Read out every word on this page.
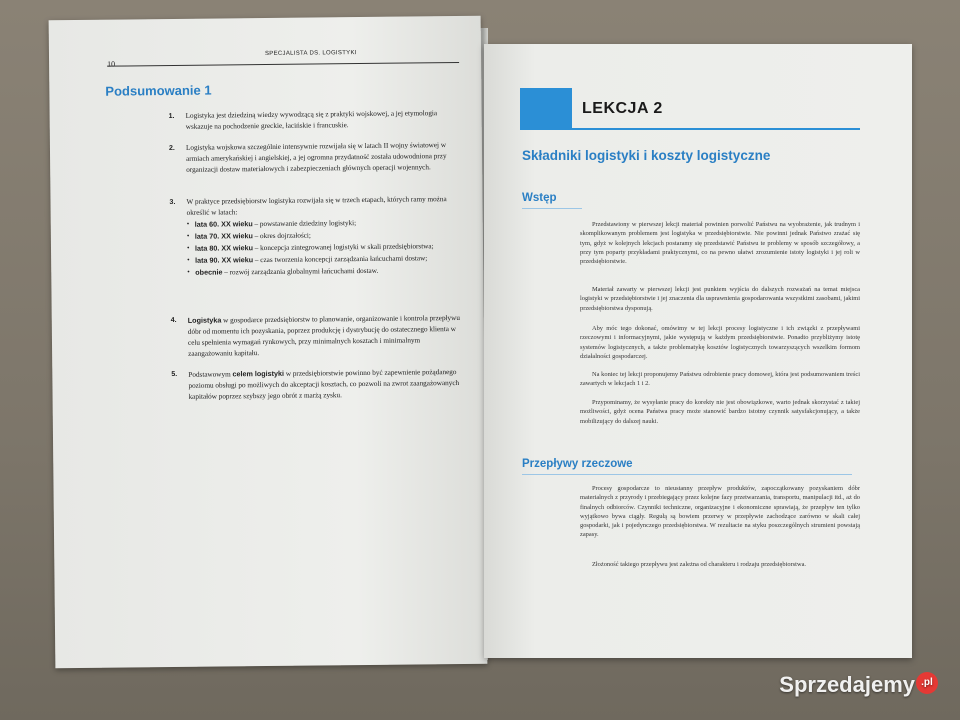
10
SPECJALISTA DS. LOGISTYKI
Podsumowanie 1
1. Logistyka jest dziedziną wiedzy wywodzącą się z praktyki wojskowej, a jej etymologia wskazuje na pochodzenie greckie, łacińskie i francuskie.
2. Logistyka wojskowa szczególnie intensywnie rozwijała się w latach II wojny światowej w armiach amerykańskiej i angielskiej, a jej ogromna przydatność została udowodniona przy organizacji dostaw materiałowych i zabezpieczeniach głównych operacji wojennych.
3. W praktyce przedsiębiorstw logistyka rozwijała się w trzech etapach, których ramy można określić w latach:
• lata 60. XX wieku – powstawanie dziedziny logistyki;
• lata 70. XX wieku – okres dojrzałości;
• lata 80. XX wieku – koncepcja zintegrowanej logistyki w skali przedsiębiorstwa;
• lata 90. XX wieku – czas tworzenia koncepcji zarządzania łańcuchami dostaw;
• obecnie – rozwój zarządzania globalnymi łańcuchami dostaw.
4. Logistyka w gospodarce przedsiębiorstw to planowanie, organizowanie i kontrola przepływu dóbr od momentu ich pozyskania, poprzez produkcję i dystrybucję do ostatecznego klienta w celu spełnienia wymagań rynkowych, przy minimalnych kosztach i minimalnym zaangażowaniu kapitału.
5. Podstawowym celem logistyki w przedsiębiorstwie powinno być zapewnienie pożądanego poziomu obsługi po możliwych do akceptacji kosztach, co pozwoli na zwrot zaangażowanych kapitałów poprzez szybszy jego obrót z marżą zysku.
LEKCJA 2
Składniki logistyki i koszty logistyczne
Wstęp
Przedstawiony w pierwszej lekcji materiał powinien porwolić Państwu na wyobrażenie, jak trudnym i skomplikowanym problemem jest logistyka w przedsiębiorstwie. Nie powinni jednak Państwo zrażać się tym, gdyż w kolejnych lekcjach postaramy się przedstawić Państwu te problemy w sposób szczegółowy, a przy tym poparty przykładami praktycznymi, co na pewno ułatwi zrozumienie istoty logistyki i jej roli w przedsiębiorstwie.
Materiał zawarty w pierwszej lekcji jest punktem wyjścia do dalszych rozważań na temat miejsca logistyki w przedsiębiorstwie i jej znaczenia dla usprawnienia gospodarowania wszystkimi zasobami, jakimi przedsiębiorstwa dysponują.
Aby móc tego dokonać, omówimy w tej lekcji procesy logistyczne i ich związki z przepływami rzeczowymi i informacyjnymi, jakie występują w każdym przedsiębiorstwie. Ponadto przybliżymy istotę systemów logistycznych, a także problematykę kosztów logistycznych towarzyszących wszelkim formom działalności gospodarczej.
Na koniec tej lekcji proponujemy Państwu odrobienie pracy domowej, która jest podsumowaniem treści zawartych w lekcjach 1 i 2.
Przypominamy, że wysyłanie pracy do korekty nie jest obowiązkowe, warto jednak skorzystać z takiej możliwości, gdyż ocena Państwa pracy może stanowić bardzo istotny czynnik satysfakcjonujący, a także mobilizujący do dalszej nauki.
Przepływy rzeczowe
Procesy gospodarcze to nieustanny przepływ produktów, zapoczątkowany pozyskaniem dóbr materialnych z przyrody i przebiegający przez kolejne fazy przetwarzania, transportu, manipulacji itd., aż do finalnych odbiorców. Czynniki techniczne, organizacyjne i ekonomiczne sprawiają, że przepływ ten tylko wyjątkowo bywa ciągły. Regułą są bowiem przerwy w przepływie zachodzące zarówno w skali całej gospodarki, jak i pojedynczego przedsiębiorstwa. W rezultacie na styku poszczególnych strumieni powstają zapasy.
Złożoność takiego przepływu jest zależna od charakteru i rodzaju przedsiębiorstwa.
Sprzedajemy .pl
